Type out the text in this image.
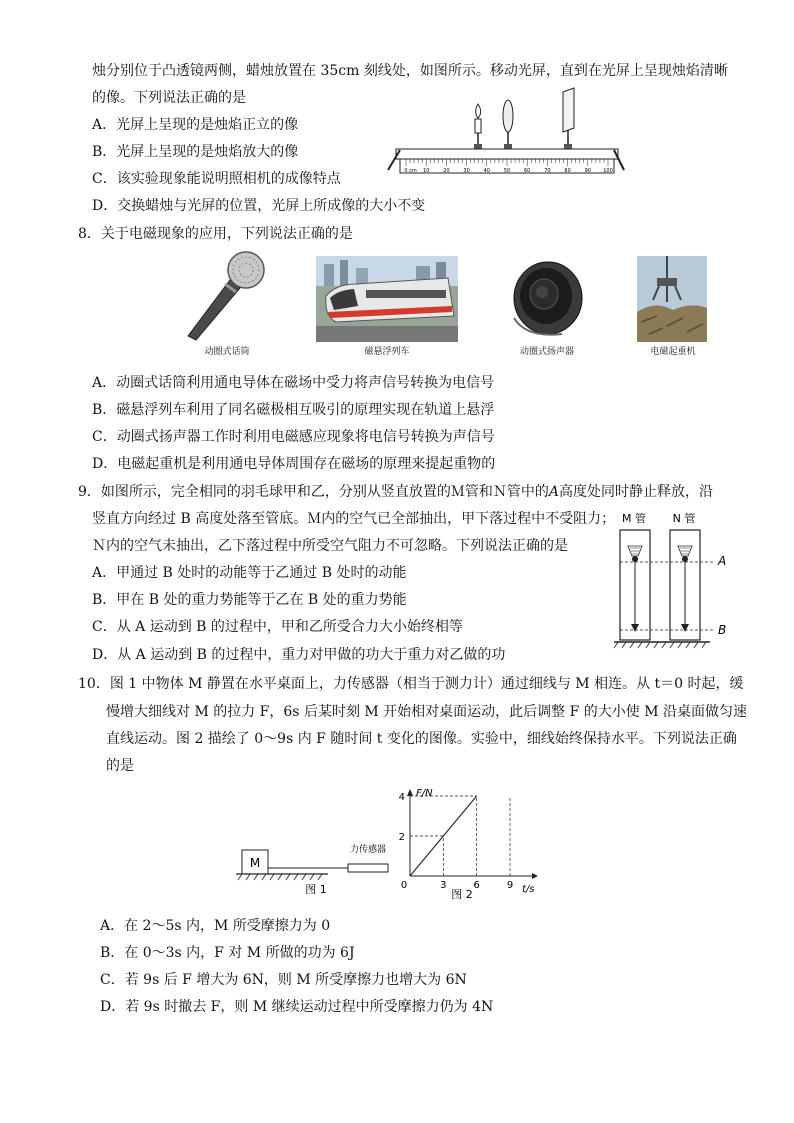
烛分别位于凸透镜两侧，蜡烛放置在 35cm 刻线处，如图所示。移动光屏，直到在光屏上呈现烛焰清晰
的像。下列说法正确的是
A．光屏上呈现的是烛焰正立的像
B．光屏上呈现的是烛焰放大的像
C．该实验现象能说明照相机的成像特点
D．交换蜡烛与光屏的位置，光屏上所成像的大小不变
0	10	20	30	40	50	60	70	80	90 100
cm
8．关于电磁现象的应用，下列说法正确的是
动圈式话筒	磁悬浮列车	动圈式扬声器	电磁起重机
A．动圈式话筒利用通电导体在磁场中受力将声信号转换为电信号
B．磁悬浮列车利用了同名磁极相互吸引的原理实现在轨道上悬浮
C．动圈式扬声器工作时利用电磁感应现象将电信号转换为声信号
D．电磁起重机是利用通电导体周围存在磁场的原理来提起重物的
9．如图所示，完全相同的羽毛球甲和乙，分别从竖直放置的Ｍ管和Ｎ管中的A高度处同时静止释放，沿
竖直方向经过 B 高度处落至管底。Ｍ内的空气已全部抽出，甲下落过程中不受阻力；
Ｎ内的空气未抽出，乙下落过程中所受空气阻力不可忽略。下列说法正确的是
A．甲通过 B 处时的动能等于乙通过 B 处时的动能
B．甲在 B 处的重力势能等于乙在 B 处的重力势能
C．从 A 运动到 B 的过程中，甲和乙所受合力大小始终相等
D．从 A 运动到 B 的过程中，重力对甲做的功大于重力对乙做的功
M 管 N 管
A
B
10．图 1 中物体 M 静置在水平桌面上，力传感器（相当于测力计）通过细线与 M 相连。从 t＝0 时起，缓
慢增大细线对 M 的拉力 F，6s 后某时刻 M 开始相对桌面运动，此后调整 F 的大小使 M 沿桌面做匀速
直线运动。图 2 描绘了 0～9s 内 F 随时间 t 变化的图像。实验中，细线始终保持水平。下列说法正确
的是
M
力传感器
图 1
F/N
t/s
0	3	6	9
2
4
图 2
A．在 2～5s 内，M 所受摩擦力为 0
B．在 0～3s 内，F 对 M 所做的功为 6J
C．若 9s 后 F 增大为 6N，则 M 所受摩擦力也增大为 6N
D．若 9s 时撤去 F，则 M 继续运动过程中所受摩擦力仍为 4N
